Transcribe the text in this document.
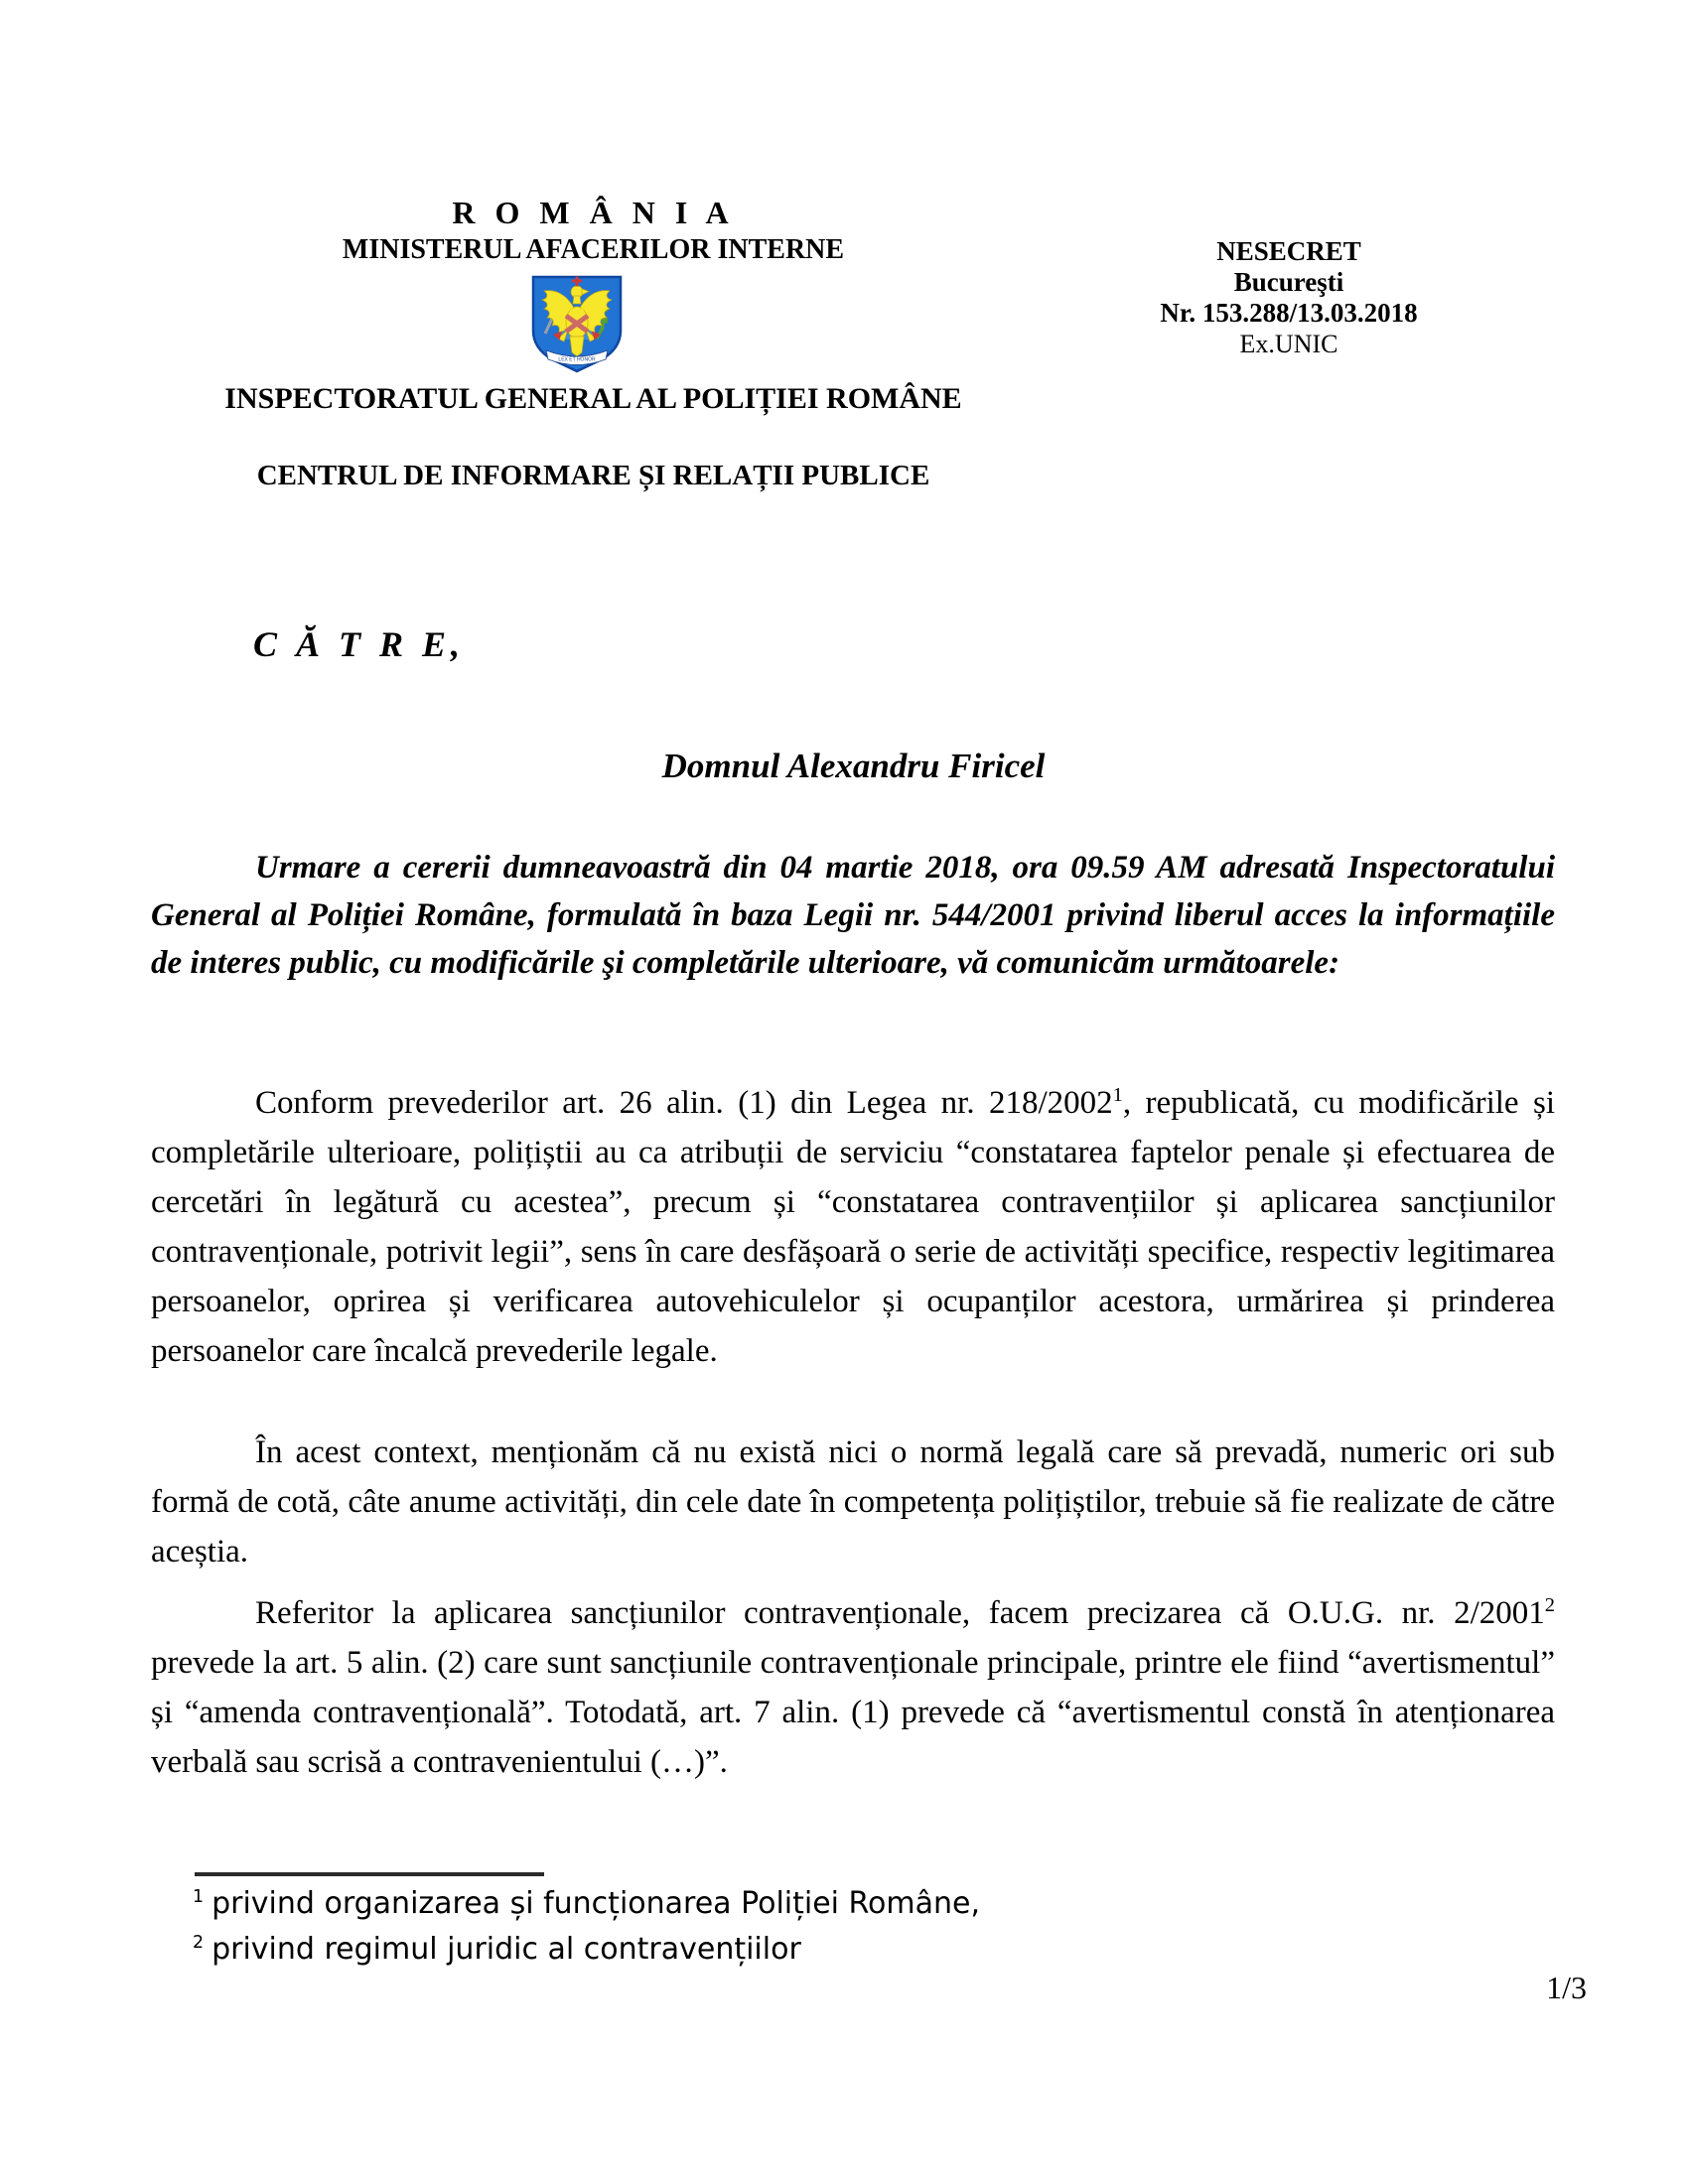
R O M Â N I A
MINISTERUL AFACERILOR INTERNE
LEX ET HONOR
INSPECTORATUL GENERAL AL POLIȚIEI ROMÂNE
CENTRUL DE INFORMARE ȘI RELAȚII PUBLICE
NESECRET
Bucureşti
Nr. 153.288/13.03.2018
Ex.UNIC
C Ă T R E,
Domnul Alexandru Firicel

Urmare a cererii dumneavoastră din 04 martie 2018, ora 09.59 AM adresată Inspectoratului General al Poliției Române, formulată în baza Legii nr. 544/2001 privind liberul acces la informațiile de interes public, cu modificările şi completările ulterioare, vă comunicăm următoarele:

Conform prevederilor art. 26 alin. (1) din Legea nr. 218/2002$^1$, republicată, cu modificările și completările ulterioare, polițiștii au ca atribuții de serviciu “constatarea faptelor penale și efectuarea de cercetări în legătură cu acestea”, precum și “constatarea contravențiilor și aplicarea sancțiunilor contravenționale, potrivit legii”, sens în care desfășoară o serie de activități specifice, respectiv legitimarea persoanelor, oprirea și verificarea autovehiculelor și ocupanților acestora, urmărirea și prinderea persoanelor care încalcă prevederile legale.

În acest context, menționăm că nu există nici o normă legală care să prevadă, numeric ori sub formă de cotă, câte anume activități, din cele date în competența polițiștilor, trebuie să fie realizate de către aceștia.

Referitor la aplicarea sancțiunilor contravenționale, facem precizarea că O.U.G. nr. 2/2001$^2$ prevede la art. 5 alin. (2) care sunt sancțiunile contravenționale principale, printre ele fiind “avertismentul” și “amenda contravențională”. Totodată, art. 7 alin. (1) prevede că “avertismentul constă în atenționarea verbală sau scrisă a contravenientului (…)”.

$^1$ privind organizarea și funcționarea Poliției Române,
$^2$ privind regimul juridic al contravențiilor
1/3
